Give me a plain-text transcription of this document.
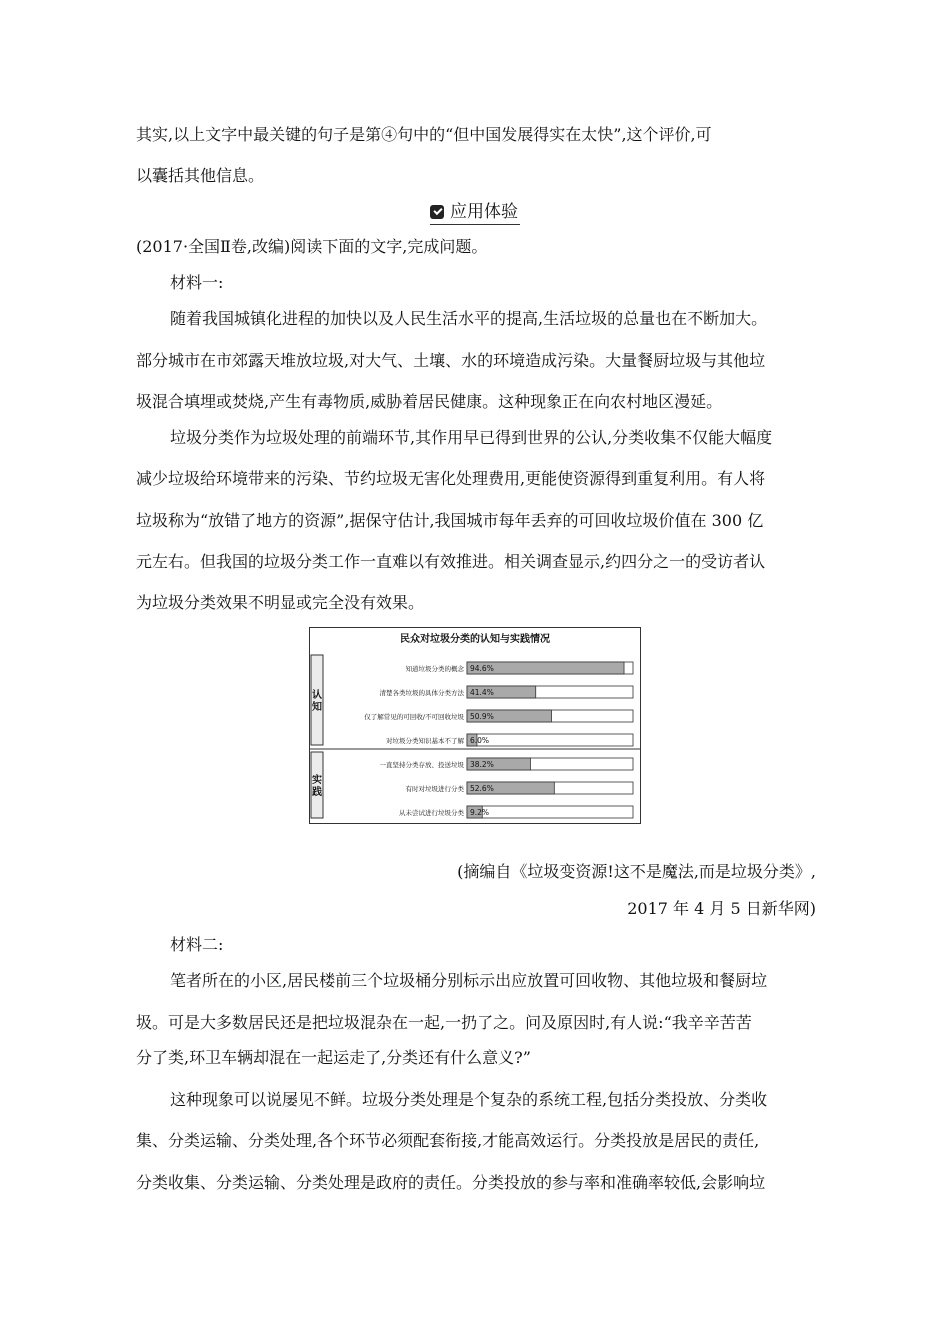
其实,以上文字中最关键的句子是第④句中的“但中国发展得实在太快”,这个评价,可
以囊括其他信息。
应用体验
(2017·全国Ⅱ卷,改编)阅读下面的文字,完成问题。
材料一:
随着我国城镇化进程的加快以及人民生活水平的提高,生活垃圾的总量也在不断加大。
部分城市在市郊露天堆放垃圾,对大气、土壤、水的环境造成污染。大量餐厨垃圾与其他垃
圾混合填埋或焚烧,产生有毒物质,威胁着居民健康。这种现象正在向农村地区漫延。
垃圾分类作为垃圾处理的前端环节,其作用早已得到世界的公认,分类收集不仅能大幅度
减少垃圾给环境带来的污染、节约垃圾无害化处理费用,更能使资源得到重复利用。有人将
垃圾称为“放错了地方的资源”,据保守估计,我国城市每年丢弃的可回收垃圾价值在 300 亿
元左右。但我国的垃圾分类工作一直难以有效推进。相关调查显示,约四分之一的受访者认
为垃圾分类效果不明显或完全没有效果。
民众对垃圾分类的认知与实践情况
认
知
知道垃圾分类的概念 94.6%
清楚各类垃圾的具体分类方法 41.4%
仅了解常见的可回收/不可回收垃圾 50.9%
对垃圾分类知识基本不了解 6.0%
实
践
一直坚持分类存放、投送垃圾 38.2%
有时对垃圾进行分类 52.6%
从未尝试进行垃圾分类 9.2%
(摘编自《垃圾变资源!这不是魔法,而是垃圾分类》,
2017 年 4 月 5 日新华网)
材料二:
笔者所在的小区,居民楼前三个垃圾桶分别标示出应放置可回收物、其他垃圾和餐厨垃
圾。可是大多数居民还是把垃圾混杂在一起,一扔了之。问及原因时,有人说:“我辛辛苦苦
分了类,环卫车辆却混在一起运走了,分类还有什么意义?”
这种现象可以说屡见不鲜。垃圾分类处理是个复杂的系统工程,包括分类投放、分类收
集、分类运输、分类处理,各个环节必须配套衔接,才能高效运行。分类投放是居民的责任,
分类收集、分类运输、分类处理是政府的责任。分类投放的参与率和准确率较低,会影响垃
